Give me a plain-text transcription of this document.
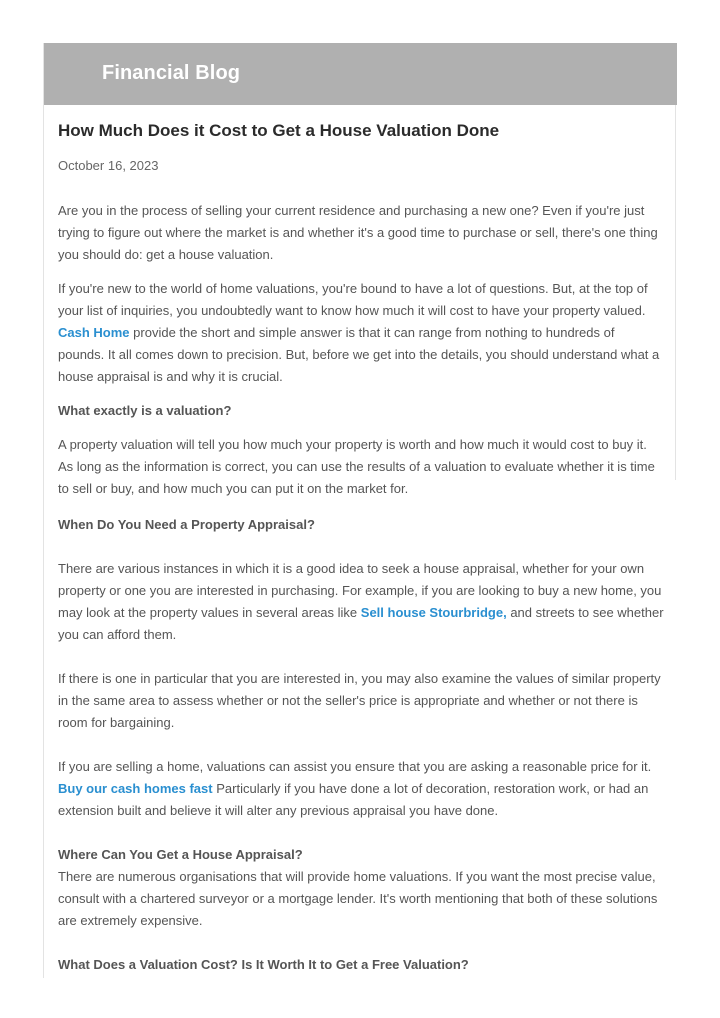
Financial Blog
How Much Does it Cost to Get a House Valuation Done
October 16, 2023

Are you in the process of selling your current residence and purchasing a new one? Even if you're just trying to figure out where the market is and whether it's a good time to purchase or sell, there's one thing you should do: get a house valuation.

If you're new to the world of home valuations, you're bound to have a lot of questions. But, at the top of your list of inquiries, you undoubtedly want to know how much it will cost to have your property valued. Cash Home provide the short and simple answer is that it can range from nothing to hundreds of pounds. It all comes down to precision. But, before we get into the details, you should understand what a house appraisal is and why it is crucial.

What exactly is a valuation?

A property valuation will tell you how much your property is worth and how much it would cost to buy it. As long as the information is correct, you can use the results of a valuation to evaluate whether it is time to sell or buy, and how much you can put it on the market for.

When Do You Need a Property Appraisal?

There are various instances in which it is a good idea to seek a house appraisal, whether for your own property or one you are interested in purchasing. For example, if you are looking to buy a new home, you may look at the property values in several areas like Sell house Stourbridge, and streets to see whether you can afford them.

If there is one in particular that you are interested in, you may also examine the values of similar property in the same area to assess whether or not the seller's price is appropriate and whether or not there is room for bargaining.

If you are selling a home, valuations can assist you ensure that you are asking a reasonable price for it. Buy our cash homes fast Particularly if you have done a lot of decoration, restoration work, or had an extension built and believe it will alter any previous appraisal you have done.

Where Can You Get a House Appraisal?

There are numerous organisations that will provide home valuations. If you want the most precise value, consult with a chartered surveyor or a mortgage lender. It's worth mentioning that both of these solutions are extremely expensive.

What Does a Valuation Cost? Is It Worth It to Get a Free Valuation?
